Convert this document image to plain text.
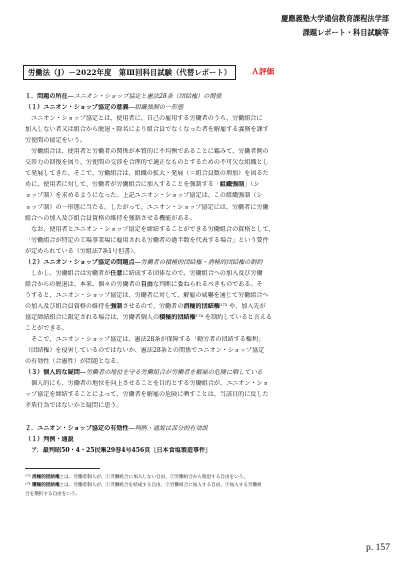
慶應義塾大学通信教育課程法学部
課題レポート・科目試験等
労働法（J）－2022年度　第Ⅲ回科目試験（代替レポート）	Ａ評価
１．問題の所在―ユニオン・ショップ協定と憲法28条（団結権）の関係
（１）ユニオン・ショップ協定の意義―組織強制の一形態
　ユニオン・ショップ協定とは、使用者に、自己の雇用する労働者のうち、労働組合に
加入しない者又は組合から脱退・除名により組合員でなくなった者を解雇する義務を課す
労使間の協定をいう。
　労働組合は、使用者と労働者の関係が本質的に不均衡であることに鑑みて、労働者側の
交渉力の回復を図り、労使間の交渉を合理的で適正なものとするための不可欠な組織とし
て発展してきた。そこで、労働組合は、組織の拡大・発展（＝組合員数の増加）を図るた
めに、使用者に対して、労働者が労働組合に加入することを強制する「組織強制」（シ
ョップ制）を求めるようになった。上記ユニオン・ショップ協定は、この組織強制（シ
ョップ制）の一形態に当たる。したがって、ユニオン・ショップ協定には、労働者に労働
組合への加入及び組合員資格の維持を強制させる機能がある。
　なお、使用者とユニオン・ショップ協定を締結することができる労働組合の資格として、
「労働組合が特定の工場事業場に雇用される労働者の過半数を代表する場合」という要件
が定められている（労組法7条1号但書）。
（２）ユニオン・ショップ協定の問題点―労働者の積極的団結権・消極的団結権の制約
　しかし、労働組合は労働者が任意に結成する団体なので、労働組合への加入及び労働
組合からの脱退は、本来、個々の労働者の自由な判断に委ねられるべきものである。そ
うすると、ユニオン・ショップ協定は、労働者に対して、解雇の威嚇を通じて労働組合へ
の加入及び組合員資格の維持を強制させるので、労働者の消極的団結権¹⁷³ や、加入先が
協定締結組合に限定される場合は、労働者個人の積極的団結権¹⁷⁴ を制約していると言える
ことができる。
　そこで、ユニオン・ショップ協定は、憲法28条が保障する「勤労者の団結する権利」
（団結権）を侵害しているのではないか、憲法28条との関係でユニオン・ショップ協定
の有効性（合憲性）が問題となる。
（３）個人的な疑問―労働者の地位を守る労働組合が労働者を解雇の危険に晒している
　個人的にも、労働者の地位を向上させることを目的とする労働組合が、ユニオン・ショ
ップ協定を締結することによって、労働者を解雇の危険に晒すことは、当該目的に反した
矛盾行為ではないかと疑問に思う。
２．ユニオン・ショップ協定の有効性―判例・通説は部分的有効説
（１）判例・通説
　ア．最判昭50・4・25民集29巻4号456頁［日本食塩製造事件］
¹⁷³ 消極的団結権とは、労働者個人が、①労働組合に加入しない自由、②労働組合から脱退する自由をいう。
¹⁷⁴ 積極的団結権とは、労働者個人が、①労働組合を結成する自由、②労働組合に加入する自由、③加入する労働組
合を選択する自由をいう。
p. 157
